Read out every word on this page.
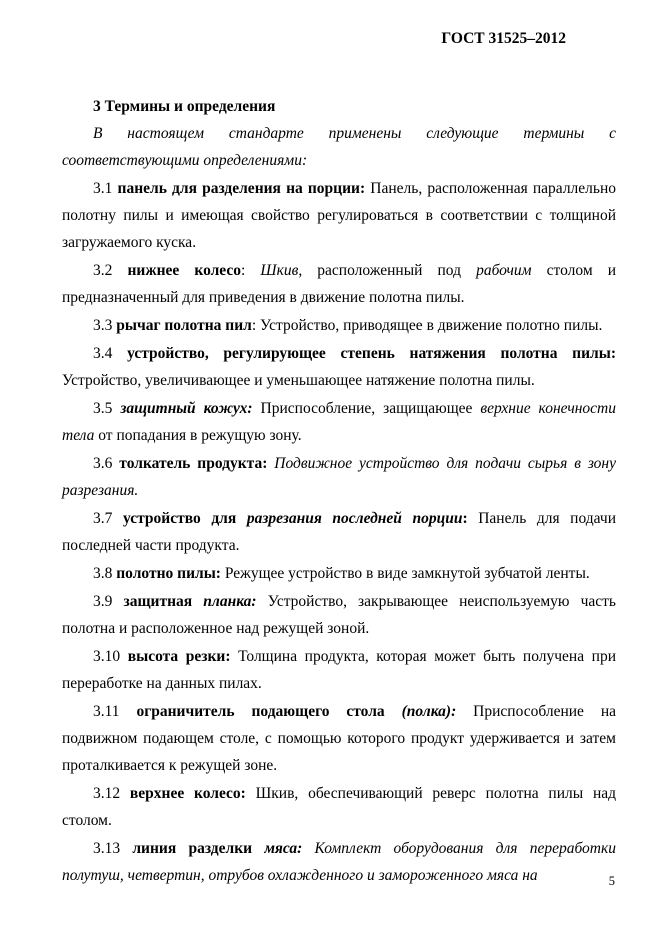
ГОСТ 31525–2012
3 Термины и определения

В настоящем стандарте применены следующие термины с соответствующими определениями:

3.1 панель для разделения на порции: Панель, расположенная параллельно полотну пилы и имеющая свойство регулироваться в соответствии с толщиной загружаемого куска.

3.2 нижнее колесо: Шкив, расположенный под рабочим столом и предназначенный для приведения в движение полотна пилы.

3.3 рычаг полотна пил: Устройство, приводящее в движение полотно пилы.

3.4 устройство, регулирующее степень натяжения полотна пилы: Устройство, увеличивающее и уменьшающее натяжение полотна пилы.

3.5 защитный кожух: Приспособление, защищающее верхние конечности тела от попадания в режущую зону.

3.6 толкатель продукта: Подвижное устройство для подачи сырья в зону разрезания.

3.7 устройство для разрезания последней порции: Панель для подачи последней части продукта.

3.8 полотно пилы: Режущее устройство в виде замкнутой зубчатой ленты.

3.9 защитная планка: Устройство, закрывающее неиспользуемую часть полотна и расположенное над режущей зоной.

3.10 высота резки: Толщина продукта, которая может быть получена при переработке на данных пилах.

3.11 ограничитель подающего стола (полка): Приспособление на подвижном подающем столе, с помощью которого продукт удерживается и затем проталкивается к режущей зоне.

3.12 верхнее колесо: Шкив, обеспечивающий реверс полотна пилы над столом.

3.13 линия разделки мяса: Комплект оборудования для переработки полутуш, четвертин, отрубов охлажденного и замороженного мяса на	5
